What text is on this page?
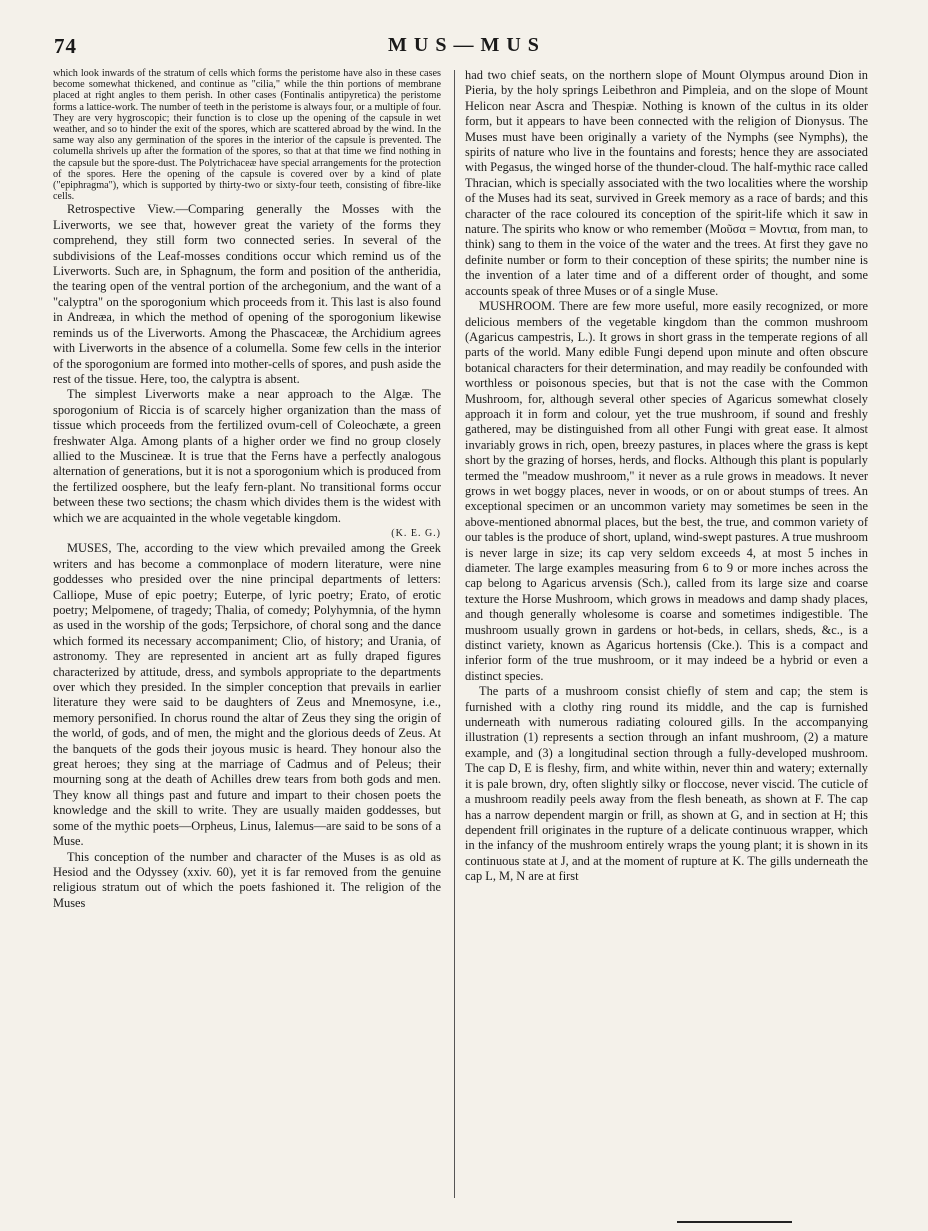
74	MUS—MUS

which look inwards of the stratum of cells which forms the peristome have also in these cases become somewhat thickened, and continue as "cilia," while the thin portions of membrane placed at right angles to them perish. In other cases (Fontinalis antipyretica) the peristome forms a lattice-work. The number of teeth in the peristome is always four, or a multiple of four. They are very hygroscopic; their function is to close up the opening of the capsule in wet weather, and so to hinder the exit of the spores, which are scattered abroad by the wind. In the same way also any germination of the spores in the interior of the capsule is prevented. The columella shrivels up after the formation of the spores, so that at that time we find nothing in the capsule but the spore-dust. The Polytrichaceæ have special arrangements for the protection of the spores. Here the opening of the capsule is covered over by a kind of plate ("epiphragma"), which is supported by thirty-two or sixty-four teeth, consisting of fibre-like cells.

Retrospective View.—Comparing generally the Mosses with the Liverworts, we see that, however great the variety of the forms they comprehend, they still form two connected series. In several of the subdivisions of the Leaf-mosses conditions occur which remind us of the Liverworts. Such are, in Sphagnum, the form and position of the antheridia, the tearing open of the ventral portion of the archegonium, and the want of a "calyptra" on the sporogonium which proceeds from it. This last is also found in Andreæa, in which the method of opening of the sporogonium likewise reminds us of the Liverworts. Among the Phascaceæ, the Archidium agrees with Liverworts in the absence of a columella. Some few cells in the interior of the sporogonium are formed into mother-cells of spores, and push aside the rest of the tissue. Here, too, the calyptra is absent.

The simplest Liverworts make a near approach to the Algæ. The sporogonium of Riccia is of scarcely higher organization than the mass of tissue which proceeds from the fertilized ovum-cell of Coleochæte, a green freshwater Alga. Among plants of a higher order we find no group closely allied to the Muscineæ. It is true that the Ferns have a perfectly analogous alternation of generations, but it is not a sporogonium which is produced from the fertilized oosphere, but the leafy fern-plant. No transitional forms occur between these two sections; the chasm which divides them is the widest with which we are acquainted in the whole vegetable kingdom.

(K. E. G.)

MUSES, The, according to the view which prevailed among the Greek writers and has become a commonplace of modern literature, were nine goddesses who presided over the nine principal departments of letters: Calliope, Muse of epic poetry; Euterpe, of lyric poetry; Erato, of erotic poetry; Melpomene, of tragedy; Thalia, of comedy; Polyhymnia, of the hymn as used in the worship of the gods; Terpsichore, of choral song and the dance which formed its necessary accompaniment; Clio, of history; and Urania, of astronomy. They are represented in ancient art as fully draped figures characterized by attitude, dress, and symbols appropriate to the departments over which they presided. In the simpler conception that prevails in earlier literature they were said to be daughters of Zeus and Mnemosyne, i.e., memory personified. In chorus round the altar of Zeus they sing the origin of the world, of gods, and of men, the might and the glorious deeds of Zeus. At the banquets of the gods their joyous music is heard. They honour also the great heroes; they sing at the marriage of Cadmus and of Peleus; their mourning song at the death of Achilles drew tears from both gods and men. They know all things past and future and impart to their chosen poets the knowledge and the skill to write. They are usually maiden goddesses, but some of the mythic poets—Orpheus, Linus, Ialemus—are said to be sons of a Muse.

This conception of the number and character of the Muses is as old as Hesiod and the Odyssey (xxiv. 60), yet it is far removed from the genuine religious stratum out of which the poets fashioned it. The religion of the Muses

had two chief seats, on the northern slope of Mount Olympus around Dion in Pieria, by the holy springs Leibethron and Pimpleia, and on the slope of Mount Helicon near Ascra and Thespiæ. Nothing is known of the cultus in its older form, but it appears to have been connected with the religion of Dionysus. The Muses must have been originally a variety of the Nymphs (see Nymphs), the spirits of nature who live in the fountains and forests; hence they are associated with Pegasus, the winged horse of the thunder-cloud. The half-mythic race called Thracian, which is specially associated with the two localities where the worship of the Muses had its seat, survived in Greek memory as a race of bards; and this character of the race coloured its conception of the spirit-life which it saw in nature. The spirits who know or who remember (Μοῦσα = Μοντια, from man, to think) sang to them in the voice of the water and the trees. At first they gave no definite number or form to their conception of these spirits; the number nine is the invention of a later time and of a different order of thought, and some accounts speak of three Muses or of a single Muse.

MUSHROOM. There are few more useful, more easily recognized, or more delicious members of the vegetable kingdom than the common mushroom (Agaricus campestris, L.). It grows in short grass in the temperate regions of all parts of the world. Many edible Fungi depend upon minute and often obscure botanical characters for their determination, and may readily be confounded with worthless or poisonous species, but that is not the case with the Common Mushroom, for, although several other species of Agaricus somewhat closely approach it in form and colour, yet the true mushroom, if sound and freshly gathered, may be distinguished from all other Fungi with great ease. It almost invariably grows in rich, open, breezy pastures, in places where the grass is kept short by the grazing of horses, herds, and flocks. Although this plant is popularly termed the "meadow mushroom," it never as a rule grows in meadows. It never grows in wet boggy places, never in woods, or on or about stumps of trees. An exceptional specimen or an uncommon variety may sometimes be seen in the above-mentioned abnormal places, but the best, the true, and common variety of our tables is the produce of short, upland, wind-swept pastures. A true mushroom is never large in size; its cap very seldom exceeds 4, at most 5 inches in diameter. The large examples measuring from 6 to 9 or more inches across the cap belong to Agaricus arvensis (Sch.), called from its large size and coarse texture the Horse Mushroom, which grows in meadows and damp shady places, and though generally wholesome is coarse and sometimes indigestible. The mushroom usually grown in gardens or hot-beds, in cellars, sheds, &c., is a distinct variety, known as Agaricus hortensis (Cke.). This is a compact and inferior form of the true mushroom, or it may indeed be a hybrid or even a distinct species.

The parts of a mushroom consist chiefly of stem and cap; the stem is furnished with a clothy ring round its middle, and the cap is furnished underneath with numerous radiating coloured gills. In the accompanying illustration (1) represents a section through an infant mushroom, (2) a mature example, and (3) a longitudinal section through a fully-developed mushroom. The cap D, E is fleshy, firm, and white within, never thin and watery; externally it is pale brown, dry, often slightly silky or floccose, never viscid. The cuticle of a mushroom readily peels away from the flesh beneath, as shown at F. The cap has a narrow dependent margin or frill, as shown at G, and in section at H; this dependent frill originates in the rupture of a delicate continuous wrapper, which in the infancy of the mushroom entirely wraps the young plant; it is shown in its continuous state at J, and at the moment of rupture at K. The gills underneath the cap L, M, N are at first
